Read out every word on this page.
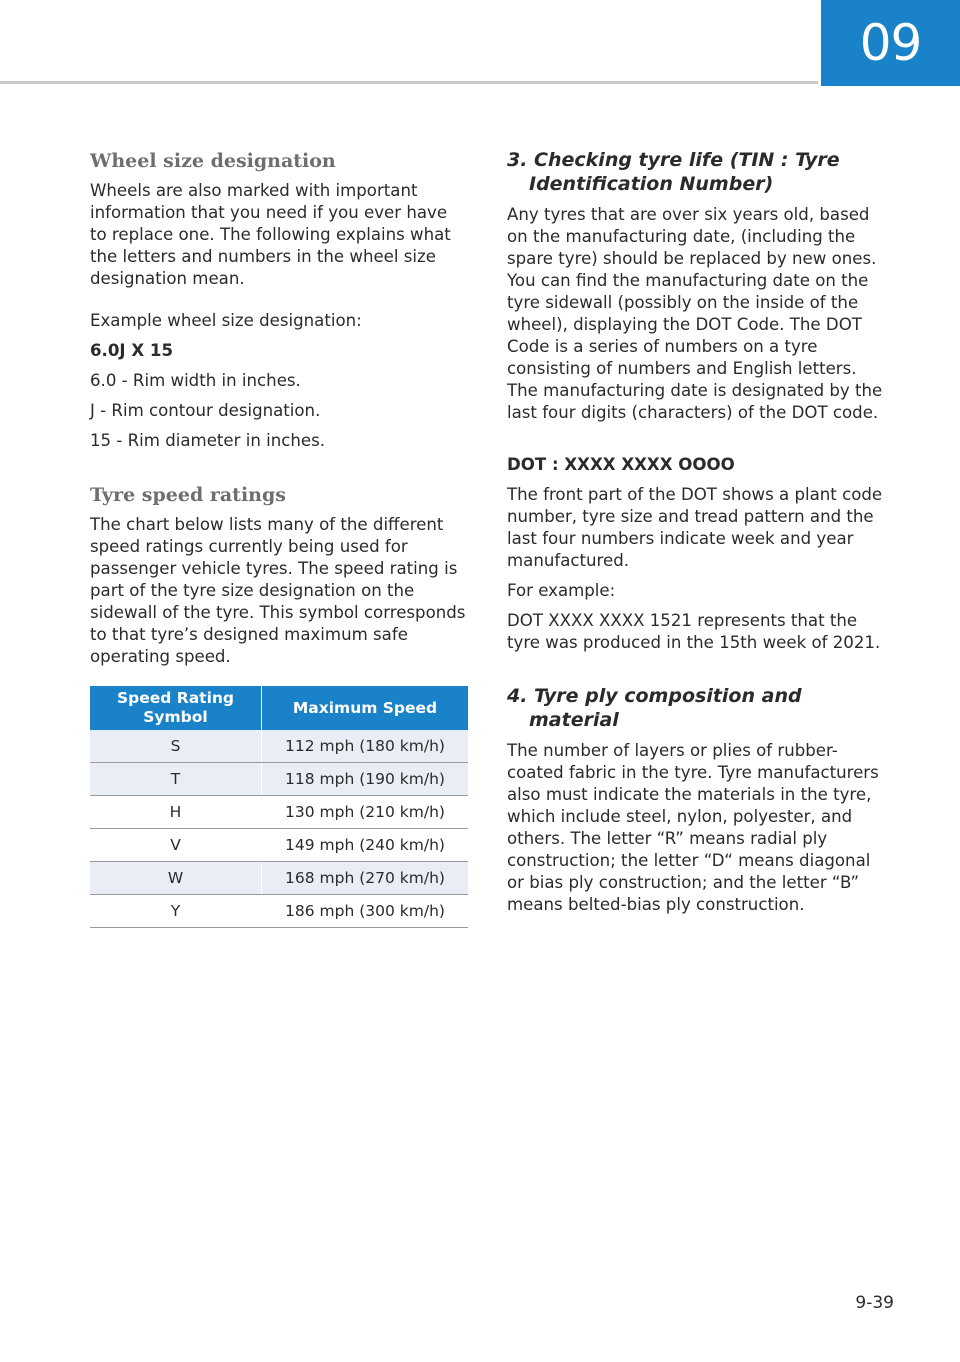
09
Wheel size designation

Wheels are also marked with important information that you need if you ever have to replace one. The following explains what the letters and numbers in the wheel size designation mean.

Example wheel size designation:

6.0J X 15

6.0 - Rim width in inches.

J - Rim contour designation.

15 - Rim diameter in inches.

Tyre speed ratings

The chart below lists many of the different speed ratings currently being used for passenger vehicle tyres. The speed rating is part of the tyre size designation on the sidewall of the tyre. This symbol corresponds to that tyre’s designed maximum safe operating speed.

Speed Rating Symbol	Maximum Speed
S	112 mph (180 km/h)
T	118 mph (190 km/h)
H	130 mph (210 km/h)
V	149 mph (240 km/h)
W	168 mph (270 km/h)
Y	186 mph (300 km/h)
3. Checking tyre life (TIN : Tyre Identification Number)

Any tyres that are over six years old, based on the manufacturing date, (including the spare tyre) should be replaced by new ones. You can find the manufacturing date on the tyre sidewall (possibly on the inside of the wheel), displaying the DOT Code. The DOT Code is a series of numbers on a tyre consisting of numbers and English letters. The manufacturing date is designated by the last four digits (characters) of the DOT code.

DOT : XXXX XXXX OOOO

The front part of the DOT shows a plant code number, tyre size and tread pattern and the last four numbers indicate week and year manufactured.

For example:

DOT XXXX XXXX 1521 represents that the tyre was produced in the 15th week of 2021.

4. Tyre ply composition and material

The number of layers or plies of rubber-coated fabric in the tyre. Tyre manufacturers also must indicate the materials in the tyre, which include steel, nylon, polyester, and others. The letter “R” means radial ply construction; the letter “D“ means diagonal or bias ply construction; and the letter “B” means belted-bias ply construction.

9-39
